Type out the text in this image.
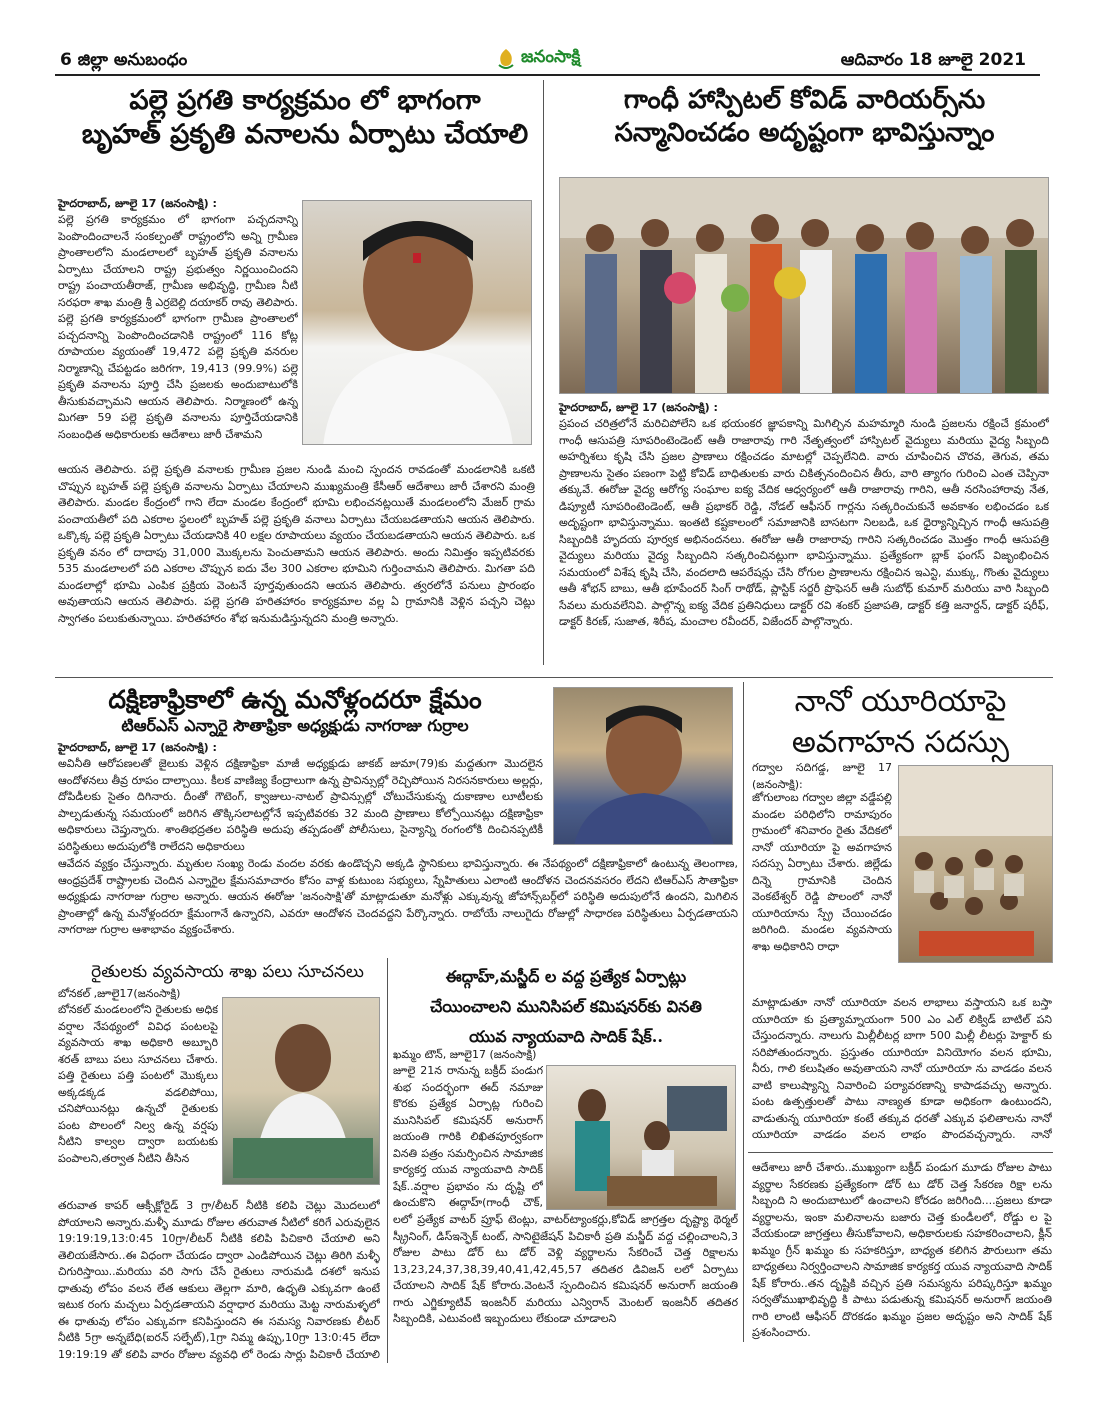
6 జిల్లా అనుబంధం	జనంసాక్షి	ఆదివారం 18 జూలై 2021
పల్లె ప్రగతి కార్యక్రమం లో భాగంగా
బృహత్ ప్రకృతి వనాలను ఏర్పాటు చేయాలి
హైదరాబాద్, జూలై 17 (జనంసాక్షి) :
పల్లె ప్రగతి కార్యక్రమం లో భాగంగా పచ్చదనాన్ని పెంపొందించాలనే సంకల్పంతో రాష్ట్రంలోని అన్ని గ్రామీణ ప్రాంతాలలోని మండలాలలో బృహత్ ప్రకృతి వనాలను ఏర్పాటు చేయాలని రాష్ట్ర ప్రభుత్వం నిర్ణయించిందని రాష్ట్ర పంచాయతీరాజ్, గ్రామీణ అభివృద్ధి, గ్రామీణ నీటి సరఫరా శాఖ మంత్రి శ్రీ ఎర్రబెల్లి దయాకర్ రావు తెలిపారు. పల్లె ప్రగతి కార్యక్రమంలో భాగంగా గ్రామీణ ప్రాంతాలలో పచ్చదనాన్ని పెంపొందించడానికి రాష్ట్రంలో 116 కోట్ల రూపాయల వ్యయంతో 19,472 పల్లె ప్రకృతి వనరుల నిర్మాణాన్ని చేపట్టడం జరిగగా, 19,413 (99.9%) పల్లె ప్రకృతి వనాలను పూర్తి చేసి ప్రజలకు అందుబాటులోకి తీసుకువచ్చామని ఆయన తెలిపారు. నిర్మాణంలో ఉన్న మిగతా 59 పల్లె ప్రకృతి వనాలను పూర్తిచేయడానికి సంబంధిత అధికారులకు ఆదేశాలు జారీ చేశామని
ఆయన తెలిపారు. పల్లె ప్రకృతి వనాలకు గ్రామీణ ప్రజల నుండి మంచి స్పందన రావడంతో మండలానికి ఒకటి చొప్పున బృహత్ పల్లె ప్రకృతి వనాలను ఏర్పాటు చేయాలని ముఖ్యమంత్రి కేసీఆర్ ఆదేశాలు జారీ చేశారని మంత్రి తెలిపారు. మండల కేంద్రంలో గాని లేదా మండల కేంద్రంలో భూమి లభించనట్లయితే మండలంలోని మేజర్ గ్రామ పంచాయతీలో పది ఎకరాల స్థలంలో బృహత్ పల్లె ప్రకృతి వనాలు ఏర్పాటు చేయబడతాయని ఆయన తెలిపారు. ఒక్కొక్క పల్లె ప్రకృతి ఏర్పాటు చేయడానికి 40 లక్షల రూపాయలు వ్యయం చేయబడతాయని ఆయన తెలిపారు. ఒక ప్రకృతి వనం లో దాదాపు 31,000 మొక్కలను పెంచుతామని ఆయన తెలిపారు. అందు నిమిత్తం ఇప్పటివరకు 535 మండలాలలో పది ఎకరాల చొప్పున ఐదు వేల 300 ఎకరాల భూమిని గుర్తించామని తెలిపారు. మిగతా పది మండలాల్లో భూమి ఎంపిక ప్రక్రియ వెంటనే పూర్తవుతుందని ఆయన తెలిపారు. త్వరలోనే పనులు ప్రారంభం అవుతాయని ఆయన తెలిపారు. పల్లె ప్రగతి హరితహారం కార్యక్రమాల వల్ల ఏ గ్రామానికి వెళ్లిన పచ్చని చెట్లు స్వాగతం పలుకుతున్నాయి. హరితహారం శోభ ఇనుమడిస్తున్నదని మంత్రి అన్నారు.
గాంధీ హాస్పిటల్ కోవిడ్ వారియర్స్‌ను
సన్మానించడం అదృష్టంగా భావిస్తున్నాం
హైదరాబాద్, జూలై 17 (జనంసాక్షి) :
ప్రపంచ చరిత్రలోనే మరిచిపోలేని ఒక భయంకర జ్ఞాపకాన్ని మిగిల్చిన మహమ్మారి నుండి ప్రజలను రక్షించే క్రమంలో గాంధీ ఆసుపత్రి సూపరింటెండెంట్ ఆతీ రాజారావు గారి నేతృత్వంలో హాస్పిటల్ వైద్యులు మరియు వైద్య సిబ్బంది అహర్నిశలు కృషి చేసి ప్రజల ప్రాణాలు రక్షించడం మాటల్లో చెప్పలేనిది. వారు చూపించిన చొరవ, తెగువ, తమ ప్రాణాలను సైతం పణంగా పెట్టి కోవిడ్ బాధితులకు వారు చికిత్సనందించిన తీరు, వారి త్యాగం గురించి ఎంత చెప్పినా తక్కువే. ఈరోజు వైద్య ఆరోగ్య సంఘాల ఐక్య వేదిక ఆధ్వర్యంలో ఆతీ రాజారావు గారిని, ఆతీ నరసింహారావు నేత, డిప్యూటీ సూపరింటెండెంట్, ఆతీ ప్రభాకర్ రెడ్డి, నోడల్ ఆఫీసర్ గార్లను సత్కరించుకునే అవకాశం లభించడం ఒక అదృష్టంగా భావిస్తున్నాము. ఇంతటి కష్టకాలంలో సమాజానికి బాసటగా నిలబడి, ఒక ధైర్యాన్నిచ్చిన గాంధీ ఆసుపత్రి సిబ్బందికి హృదయ పూర్వక అభినందనలు. ఈరోజు ఆతీ రాజారావు గారిని సత్కరించడం మొత్తం గాంధీ ఆసుపత్రి వైద్యులు మరియు వైద్య సిబ్బందిని సత్కరించినట్లుగా భావిస్తున్నాము. ప్రత్యేకంగా బ్లాక్ ఫంగస్ విజృంభించిన సమయంలో విశేష కృషి చేసి, వందలాది ఆపరేషన్లు చేసి రోగుల ప్రాణాలను రక్షించిన ఇఎన్టి, ముక్కు, గొంతు వైద్యులు ఆతీ శోభన్ బాబు, ఆతీ భూపేందర్ సింగ్ రాథోడ్, ప్లాస్టిక్ సర్జరీ ప్రొఫెసర్ ఆతీ సుబోధ్ కుమార్ మరియు వారి సిబ్బంది సేవలు మరువలేనివి. పాల్గొన్న ఐక్య వేదిక ప్రతినిధులు డాక్టర్ రవి శంకర్ ప్రజాపతి, డాక్టర్ కత్తి జనార్దన్, డాక్టర్ షరీఫ్, డాక్టర్ కిరణ్, సుజాత, శిరీష, మంచాల రవీందర్, విజేందర్ పాల్గొన్నారు.
దక్షిణాఫ్రికాలో ఉన్న మనోళ్లందరూ క్షేమం
టిఆర్ఎస్ ఎన్నారై సౌతాఫ్రికా అధ్యక్షుడు నాగరాజు గుర్రాల
హైదరాబాద్, జూలై 17 (జనంసాక్షి) :
అవినీతి ఆరోపణలతో జైలుకు వెళ్లిన దక్షిణాఫ్రికా మాజీ అధ్యక్షుడు జాకబ్ జుమా(79)కు మద్దతుగా మొదలైన ఆందోళనలు తీవ్ర రూపం దాల్చాయి. కీలక వాణిజ్య కేంద్రాలుగా ఉన్న ప్రావిన్సుల్లో రెచ్చిపోయిన నిరసనకారులు అల్లర్లు, దోపిడీలకు సైతం దిగినారు. దీంతో గౌటెంగ్, క్వాజులు-నాటల్ ప్రావిన్సుల్లో చోటుచేసుకున్న దుకాణాల లూటీలకు పాల్పడుతున్న సమయంలో జరిగిన తొక్కిసలాటల్లోనే ఇప్పటివరకు 32 మంది ప్రాణాలు కోల్పోయినట్లు దక్షిణాఫ్రికా అధికారులు చెప్తున్నారు. శాంతిభద్రతల పరిస్థితి అదుపు తప్పడంతో పోలీసులు, సైన్యాన్ని రంగంలోకి దించినప్పటికీ పరిస్థితులు అదుపులోకి రాలేదని అధికారులు
ఆవేదన వ్యక్తం చేస్తున్నారు. మృతుల సంఖ్య రెండు వందల వరకు ఉండొచ్చని అక్కడి స్థానికులు భావిస్తున్నారు. ఈ నేపథ్యంలో దక్షిణాఫ్రికాలో ఉంటున్న తెలంగాణ, ఆంధ్రప్రదేశ్ రాష్ట్రాలకు చెందిన ఎన్నారైల క్షేమసమాచారం కోసం వాళ్ల కుటుంబ సభ్యులు, స్నేహితులు ఎలాంటి ఆందోళన చెందనవసరం లేదని టిఆర్ఎస్ సౌతాఫ్రికా అధ్యక్షుడు నాగరాజు గుర్రాల అన్నారు. ఆయన ఈరోజు 'జనంసాక్షి'తో మాట్లాడుతూ మనోళ్లు ఎక్కువున్న జోహాన్స్‌బర్గ్‌లో పరిస్థితి అదుపులోనే ఉందని, మిగిలిన ప్రాంతాల్లో ఉన్న మనోళ్లందరూ క్షేమంగానే ఉన్నారని, ఎవరూ ఆందోళన చెందవద్దని పేర్కొన్నారు. రాబోయే నాలుగైదు రోజుల్లో సాధారణ పరిస్థితులు ఏర్పడతాయని నాగరాజు గుర్రాల ఆశాభావం వ్యక్తంచేశారు.
నానో యూరియాపై
అవగాహన సదస్సు
గద్వాల సదిగడ్డ, జూలై 17 (జనంసాక్షి):
జోగులాంబ గద్వాల జిల్లా వడ్డేపల్లి మండల పరిధిలోని రామాపురం గ్రామంలో శనివారం రైతు వేదికలో నానో యూరియా పై అవగాహన సదస్సు ఏర్పాటు చేశారు. జిల్లేడు దిన్నె గ్రామానికి చెందిన వెంకటేశ్వర్ రెడ్డి పొలంలో నానో యూరియాను స్ప్రే చేయించడం జరిగింది. మండల వ్యవసాయ శాఖ అధికారిని రాధా
మాట్లాడుతూ నానో యూరియా వలన లాభాలు వస్తాయని ఒక బస్తా యూరియా కు ప్రత్యామ్నాయంగా 500 ఎం ఎల్ లిక్విడ్ బాటిల్ పని చేస్తుందన్నారు. నాలుగు మిల్లీలీటర్ల బాగా 500 మిల్లీ లీటర్లు హెక్టార్ కు సరిపోతుందన్నారు. ప్రస్తుతం యూరియా వినియోగం వలన భూమి, నీరు, గాలి కలుషితం అవుతాయని నానో యూరియా ను వాడడం వలన వాటి కాలుష్యాన్ని నివారించి పర్యావరణాన్ని కాపాడవచ్చు అన్నారు. పంట ఉత్పత్తులతో పాటు నాణ్యత కూడా అధికంగా ఉంటుందని, వాడుతున్న యూరియా కంటే తక్కువ ధరతో ఎక్కువ ఫలితాలను నానో యూరియా వాడడం వలన లాభం పొందవచ్చన్నారు. నానో
రైతులకు వ్యవసాయ శాఖ పలు సూచనలు
బోనకల్ ,జూలై17(జనంసాక్షి)
బోనకల్ మండలంలోని రైతులకు అధిక వర్షాల నేపథ్యంలో వివిధ పంటలపై వ్యవసాయ శాఖ అధికారి అబ్బూరి శరత్ బాబు పలు సూచనలు చేశారు. పత్తి రైతులు పత్తి పంటలో మొక్కలు అక్కడక్కడ వడలిపోయి, చనిపోయినట్లు ఉన్నచో రైతులకు పంట పొలంలో నిల్వ ఉన్న వర్షపు నీటిని కాల్వల ద్వారా బయటకు పంపాలని,తర్వాత నీటిని తీసిన
తరువాత కాపర్ ఆక్సీక్లోరైడ్ 3 గ్రా/లీటర్ నీటికి కలిపి చెట్లు మొదలులో పోయాలని అన్నారు.మళ్ళీ మూడు రోజుల తరువాత నీటిలో కరిగే ఎరువులైన 19:19:19,13:0:45 10గ్రా/లీటర్ నీటికి కలిపి పిచికారి చేయాలి అని తెలియజేసారు..ఈ విధంగా చేయడం ద్వారా ఎండిపోయిన చెట్లు తిరిగి మళ్ళీ చిగురిస్తాయి..మరియు వరి సాగు చేసే రైతులు నారుమడి దశలో ఇనుప ధాతువు లోపం వలన లేత ఆకులు తెల్లగా మారి, ఉధృతి ఎక్కువగా ఉంటే ఇటుక రంగు మచ్చలు ఏర్పడతాయని వర్షాధార మరియు మెట్ట నారుమళ్ళలో ఈ ధాతువు లోపం ఎక్కువగా కనిపిస్తుందని ఈ సమస్య నివారణకు లీటర్ నీటికి 5గ్రా అన్నబేధి(ఐరన్ సల్ఫేట్),1గ్రా నిమ్మ ఉప్పు,10గ్రా 13:0:45 లేదా 19:19:19 తో కలిపి వారం రోజుల వ్యవధి లో రెండు సార్లు పిచికారీ చేయాలి
ఈద్గాహ్,మస్జీద్ ల వద్ద ప్రత్యేక ఏర్పాట్లు
చేయించాలని మునిసిపల్ కమిషనర్‌కు వినతి
యువ న్యాయవాది సాదిక్ షేక్..
ఖమ్మం టౌన్, జూలై17 (జనంసాక్షి)
జూలై 21న రానున్న బక్రీద్ పండుగ శుభ సందర్భంగా ఈద్ నమాజు కొరకు ప్రత్యేక ఏర్పాట్ల గురించి మునిసిపల్ కమిషనర్ అనురాగ్ జయంతి గారికి లిఖితపూర్వకంగా వినతి పత్రం సమర్పించిన సామాజిక కార్యకర్త యువ న్యాయవాది సాదిక్ షేక్..వర్షాల ప్రభావం ను దృష్టి లో ఉంచుకొని ఈద్గాహ్(గాంధీ చౌక్,
లలో ప్రత్యేక వాటర్ ప్రూఫ్ టెంట్లు, వాటర్‌ట్యాంకర్లు,కోవిడ్ జాగ్రత్తల దృష్ట్యా థెర్మల్ స్క్రీనింగ్, డిస్‌ఇన్ఫెక్ టంట్, సానిటైజేషన్ పిచికారీ ప్రతి మస్జీద్ వద్ద చల్లించాలని,3 రోజుల పాటు డోర్ టు డోర్ వెళ్లి వ్యర్థాలను సేకరించే చెత్త రిక్షాలను 13,23,24,37,38,39,40,41,42,45,57 తదితర డివిజన్ లలో ఏర్పాటు చేయాలని సాదిక్ షేక్ కోరారు.వెంటనే స్పందించిన కమిషనర్ అనురాగ్ జయంతి గారు ఎగ్జిక్యూటివ్ ఇంజనీర్ మరియు ఎన్విరాన్ మెంటల్ ఇంజనీర్ తదితర సిబ్బందికి, ఎటువంటి ఇబ్బందులు లేకుండా చూడాలని
ఆదేశాలు జారీ చేశారు..ముఖ్యంగా బక్రీద్ పండుగ మూడు రోజుల పాటు వ్యర్థాల సేకరణకు ప్రత్యేకంగా డోర్ టు డోర్ చెత్త సేకరణ రిక్షా లను సిబ్బంది ని అందుబాటులో ఉంచాలని కోరడం జరిగింది....ప్రజలు కూడా వ్యర్థాలను, ఇంకా మలినాలను బజారు చెత్త కుండీలలో, రోడ్డు ల పై వేయకుండా జాగ్రత్తలు తీసుకోవాలని, అధికారులకు సహకరించాలని, క్లీన్ ఖమ్మం గ్రీన్ ఖమ్మం కు సహకరిస్తూ, బాధ్యత కలిగిన పౌరులుగా తమ బాధ్యతలు నిర్వర్తించాలని సామాజిక కార్యకర్త యువ న్యాయవాది సాదిక్ షేక్ కోరారు..తన దృష్టికి వచ్చిన ప్రతి సమస్యను పరిష్కరిస్తూ ఖమ్మం సర్వతోముఖాభివృద్ధి కి పాటు పడుతున్న కమిషనర్ అనురాగ్ జయంతి గారి లాంటి ఆఫీసర్ దొరకడం ఖమ్మం ప్రజల అదృష్టం అని సాదిక్ షేక్ ప్రశంసించారు.
